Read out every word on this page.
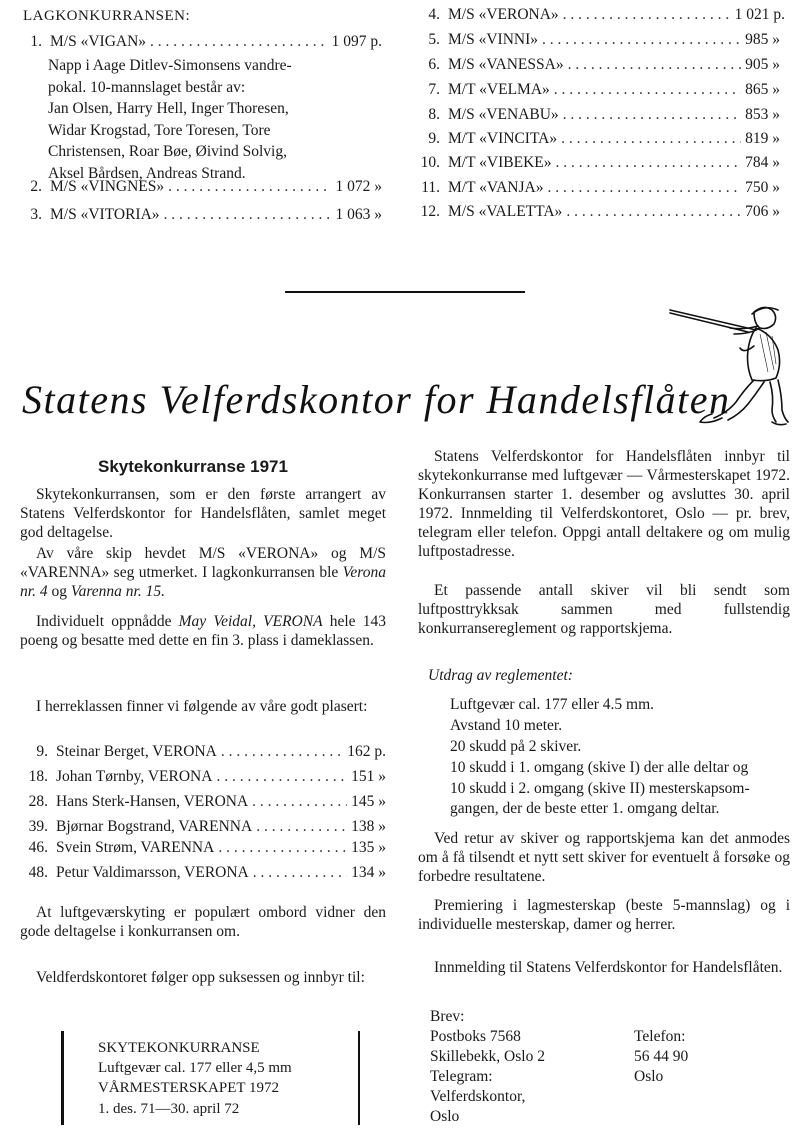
LAGKONKURRANSEN:
1. M/S «VIGAN» . . .	1 097 p.
Napp i Aage Ditlev-Simonsens vandre-
pokal. 10-mannslaget består av:
Jan Olsen, Harry Hell, Inger Thoresen,
Widar Krogstad, Tore Toresen, Tore
Christensen, Roar Bøe, Øivind Solvig,
Aksel Bårdsen, Andreas Strand.
2. M/S «VINGNES» . . .	1 072 »
3. M/S «VITORIA» . . .	1 063 »
4. M/S «VERONA» . . .	1 021 p.
5. M/S «VINNI» . . .	985 »
6. M/S «VANESSA» . . .	905 »
7. M/T «VELMA» . . .	865 »
8. M/S «VENABU» . . .	853 »
9. M/T «VINCITA» . . .	819 »
10. M/T «VIBEKE» . . .	784 »
11. M/T «VANJA» . . .	750 »
12. M/S «VALETTA» . . .	706 »
Statens Velferdskontor for Handelsflåten
Skytekonkurranse 1971
Skytekonkurransen, som er den første arrangert av Statens Velferdskontor for Handelsflåten, samlet meget god deltagelse.
Av våre skip hevdet M/S «VERONA» og M/S «VARENNA» seg utmerket. I lagkonkurransen ble Verona nr. 4 og Varenna nr. 15.
Individuelt oppnådde May Veidal, VERONA hele 143 poeng og besatte med dette en fin 3. plass i dameklassen.
I herreklassen finner vi følgende av våre godt plasert:
9. Steinar Berget, VERONA . . .	162 p.
18. Johan Tørnby, VERONA . . .	151 »
28. Hans Sterk-Hansen, VERONA . . .	145 »
39. Bjørnar Bogstrand, VARENNA . . .	138 »
46. Svein Strøm, VARENNA . . .	135 »
48. Petur Valdimarsson, VERONA . . .	134 »
At luftgeværskyting er populært ombord vidner den gode deltagelse i konkurransen om.
Veldferdskontoret følger opp suksessen og innbyr til:
SKYTEKONKURRANSE
Luftgevær cal. 177 eller 4,5 mm
VÅRMESTERSKAPET 1972
1. des. 71—30. april 72
Statens Velferdskontor for Handelsflåten innbyr til skytekonkurranse med luftgevær — Vårmesterskapet 1972. Konkurransen starter 1. desember og avsluttes 30. april 1972. Innmelding til Velferdskontoret, Oslo — pr. brev, telegram eller telefon. Oppgi antall deltakere og om mulig luftpostadresse.
Et passende antall skiver vil bli sendt som luftposttrykksak sammen med fullstendig konkurransereglement og rapportskjema.
Utdrag av reglementet:
Luftgevær cal. 177 eller 4.5 mm.
Avstand 10 meter.
20 skudd på 2 skiver.
10 skudd i 1. omgang (skive I) der alle deltar og
10 skudd i 2. omgang (skive II) mesterskapsom-
gangen, der de beste etter 1. omgang deltar.
Ved retur av skiver og rapportskjema kan det anmodes om å få tilsendt et nytt sett skiver for eventuelt å forsøke og forbedre resultatene.
Premiering i lagmesterskap (beste 5-mannslag) og i individuelle mesterskap, damer og herrer.
Innmelding til Statens Velferdskontor for Handelsflåten.
Brev:
Postboks 7568
Skillebekk, Oslo 2
Telegram:
Velferdskontor,
Oslo
Telefon:
56 44 90
Oslo
